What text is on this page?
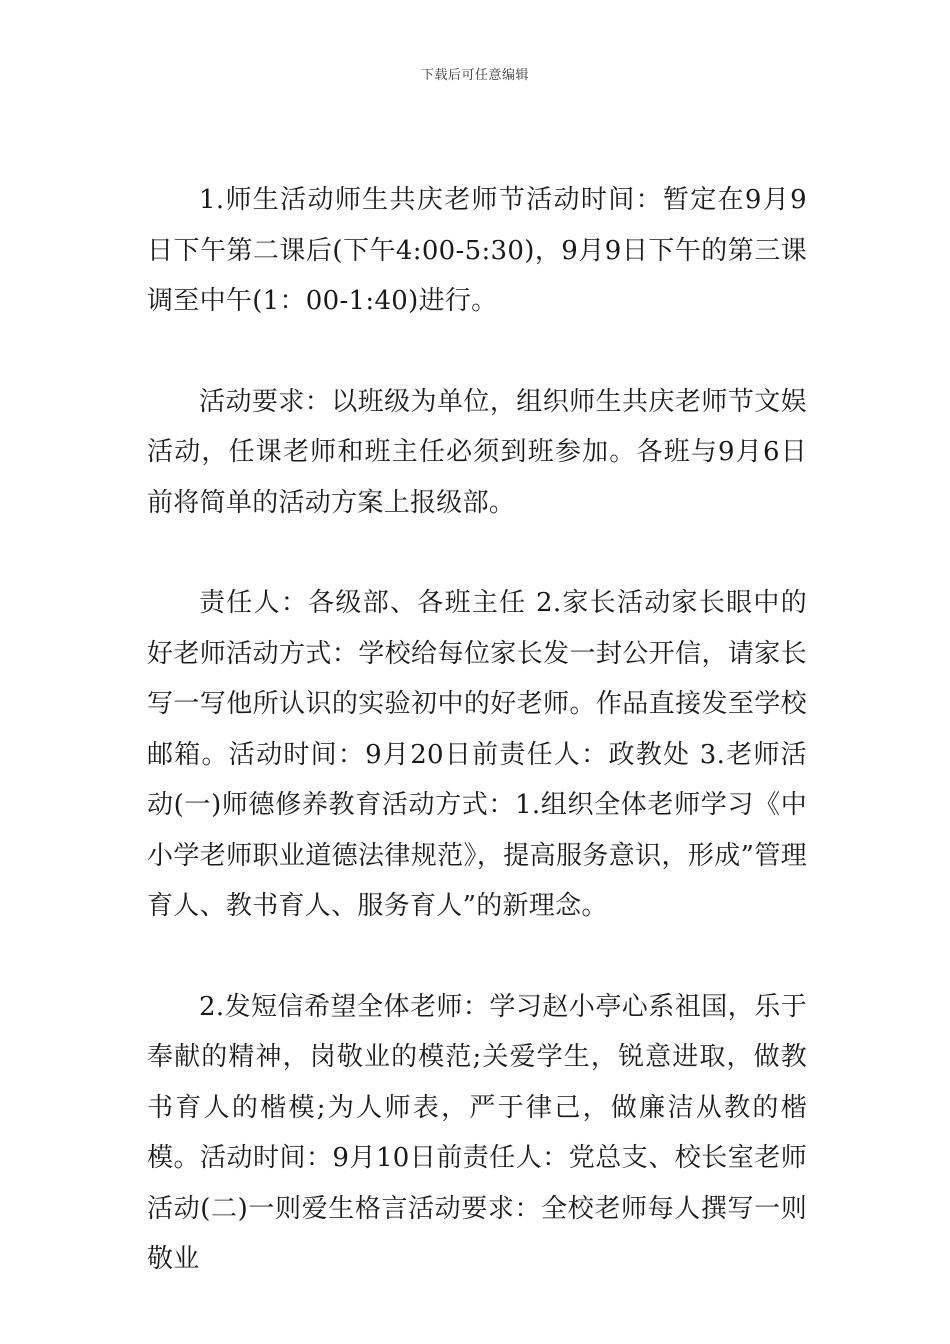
下载后可任意编辑

1.师生活动师生共庆老师节活动时间：暂定在9月9日下午第二课后(下午4:00-5:30)，9月9日下午的第三课调至中午(1：00-1:40)进行。

活动要求：以班级为单位，组织师生共庆老师节文娱活动，任课老师和班主任必须到班参加。各班与9月6日前将简单的活动方案上报级部。

责任人：各级部、各班主任 2.家长活动家长眼中的好老师活动方式：学校给每位家长发一封公开信，请家长写一写他所认识的实验初中的好老师。作品直接发至学校邮箱。活动时间：9月20日前责任人：政教处 3.老师活动(一)师德修养教育活动方式：1.组织全体老师学习《中小学老师职业道德法律规范》，提高服务意识，形成”管理育人、教书育人、服务育人”的新理念。

2.发短信希望全体老师：学习赵小亭心系祖国，乐于奉献的精神，岗敬业的模范;关爱学生，锐意进取，做教书育人的楷模;为人师表，严于律己，做廉洁从教的楷模。活动时间：9月10日前责任人：党总支、校长室老师活动(二)一则爱生格言活动要求：全校老师每人撰写一则敬业
